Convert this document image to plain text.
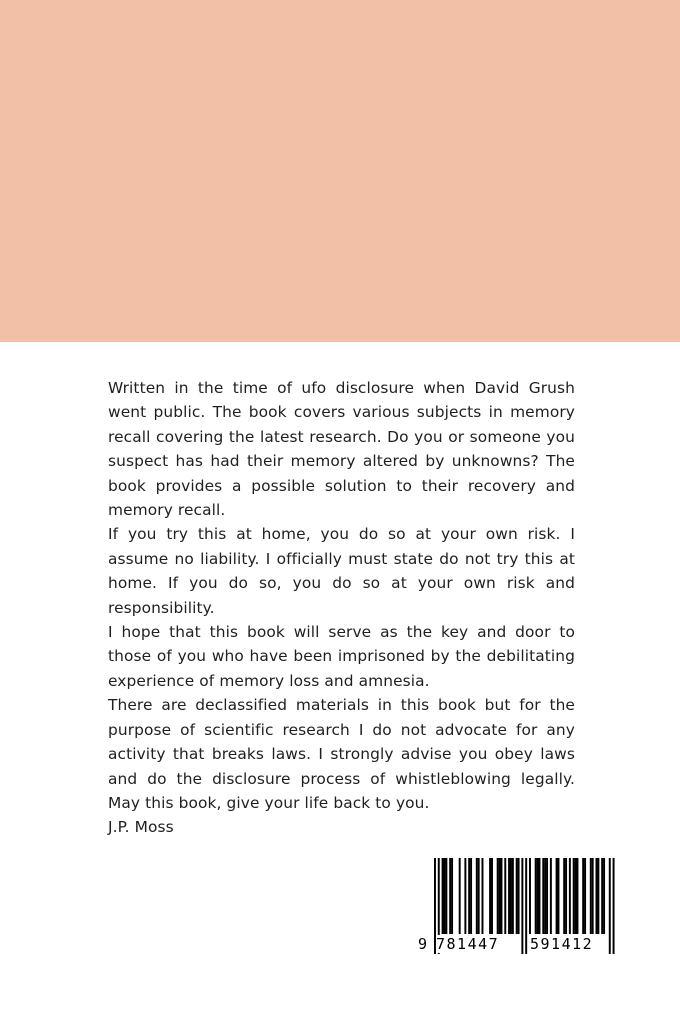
Written in the time of ufo disclosure when David Grush went public. The book covers various subjects in memory recall covering the latest research. Do you or someone you suspect has had their memory altered by unknowns? The book provides a possible solution to their recovery and memory recall.

If you try this at home, you do so at your own risk. I assume no liability. I officially must state do not try this at home. If you do so, you do so at your own risk and responsibility.

I hope that this book will serve as the key and door to those of you who have been imprisoned by the debilitating experience of memory loss and amnesia.

There are declassified materials in this book but for the purpose of scientific research I do not advocate for any activity that breaks laws. I strongly advise you obey laws and do the disclosure process of whistleblowing legally. May this book, give your life back to you.

J.P. Moss

9 781447 591412
